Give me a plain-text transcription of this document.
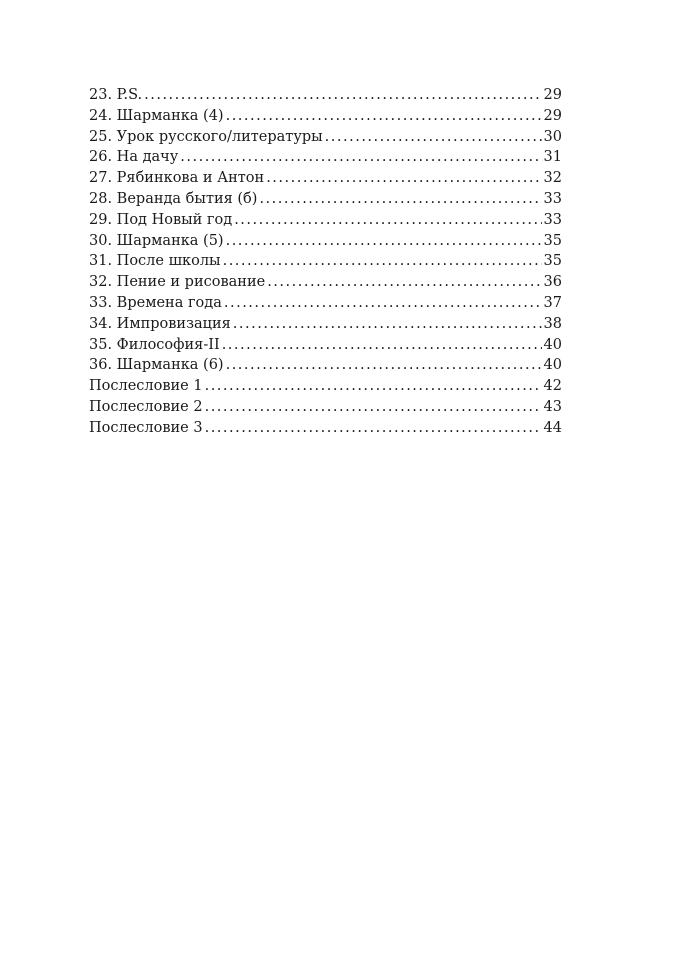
23. P.S. .....	29
24. Шарманка (4) .....	29
25. Урок русского/литературы .....	30
26. На дачу .....	31
27. Рябинкова и Антон .....	32
28. Веранда бытия (б) .....	33
29. Под Новый год .....	33
30. Шарманка (5) .....	35
31. После школы .....	35
32. Пение и рисование .....	36
33. Времена года .....	37
34. Импровизация .....	38
35. Философия-II .....	40
36. Шарманка (6) .....	40
Послесловие 1 .....	42
Послесловие 2 .....	43
Послесловие 3 .....	44
